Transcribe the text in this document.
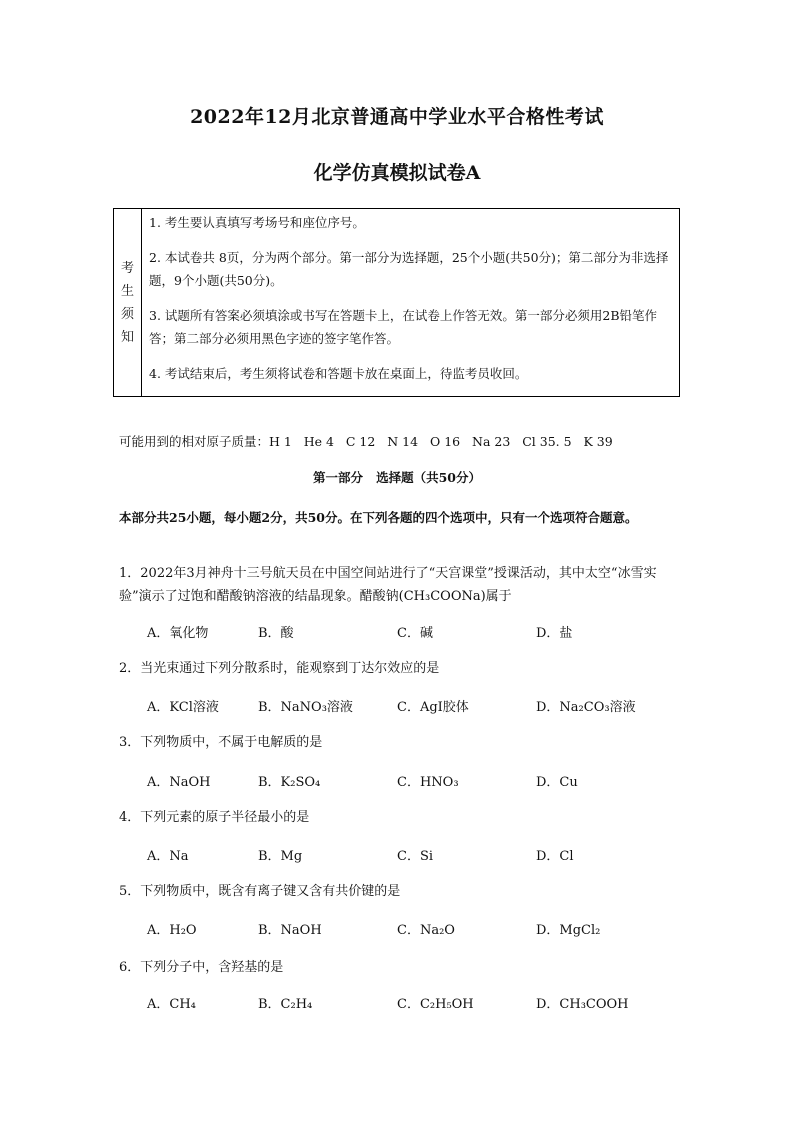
2022年12月北京普通高中学业水平合格性考试
化学仿真模拟试卷A
考
生
须
知
1. 考生要认真填写考场号和座位序号。
2. 本试卷共 8页，分为两个部分。第一部分为选择题，25个小题(共50分)；第二部分为非选择题，9个小题(共50分)。
3. 试题所有答案必须填涂或书写在答题卡上，在试卷上作答无效。第一部分必须用2B铅笔作答；第二部分必须用黑色字迹的签字笔作答。
4. 考试结束后，考生须将试卷和答题卡放在桌面上，待监考员收回。
可能用到的相对原子质量：H 1   He 4   C 12   N 14   O 16   Na 23   Cl 35. 5   K 39
第一部分   选择题（共50分）
本部分共25小题，每小题2分，共50分。在下列各题的四个选项中，只有一个选项符合题意。
1．2022年3月神舟十三号航天员在中国空间站进行了“天宫课堂”授课活动，其中太空“冰雪实验”演示了过饱和醋酸钠溶液的结晶现象。醋酸钠(CH₃COONa)属于
A．氧化物	B．酸	C．碱	D．盐
2．当光束通过下列分散系时，能观察到丁达尔效应的是
A．KCl溶液	B．NaNO₃溶液	C．AgI胶体	D．Na₂CO₃溶液
3．下列物质中，不属于电解质的是
A．NaOH	B．K₂SO₄	C．HNO₃	D．Cu
4．下列元素的原子半径最小的是
A．Na	B．Mg	C．Si	D．Cl
5．下列物质中，既含有离子键又含有共价键的是
A．H₂O	B．NaOH	C．Na₂O	D．MgCl₂
6．下列分子中，含羟基的是
A．CH₄	B．C₂H₄	C．C₂H₅OH	D．CH₃COOH
